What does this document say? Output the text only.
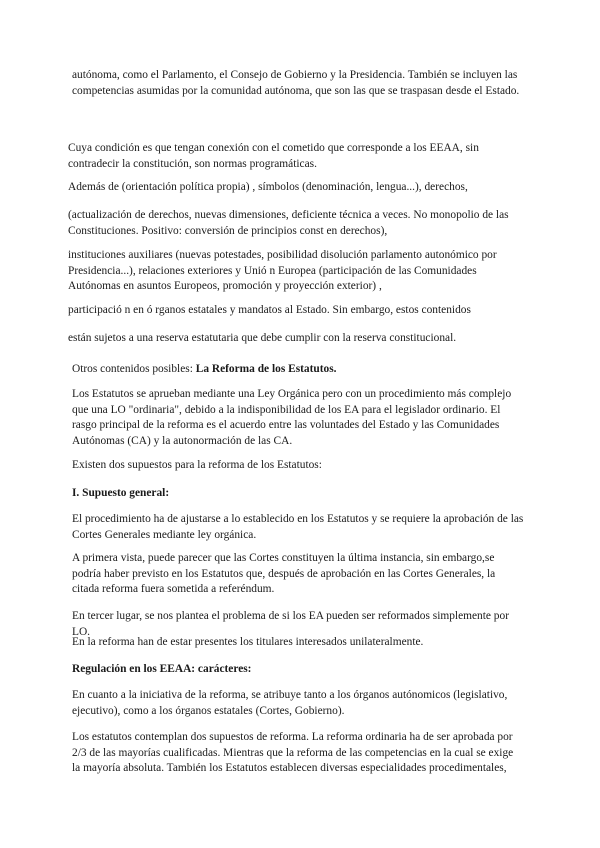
autónoma, como el Parlamento, el Consejo de Gobierno y la Presidencia. También se incluyen las competencias asumidas por la comunidad autónoma, que son las que se traspasan desde el Estado.

Cuya condición es que tengan conexión con el cometido que corresponde a los EEAA, sin contradecir la constitución, son normas programáticas.

Además de (orientación política propia) , símbolos (denominación, lengua...), derechos,

(actualización de derechos, nuevas dimensiones, deficiente técnica a veces. No monopolio de las Constituciones. Positivo: conversión de principios const en derechos),

instituciones auxiliares (nuevas potestades, posibilidad disolución parlamento autonómico por Presidencia...), relaciones exteriores y Unió n Europea (participación de las Comunidades Autónomas en asuntos Europeos, promoción y proyección exterior) ,

participació n en ó rganos estatales y mandatos al Estado. Sin embargo, estos contenidos

están sujetos a una reserva estatutaria que debe cumplir con la reserva constitucional.

Otros contenidos posibles: La Reforma de los Estatutos.

Los Estatutos se aprueban mediante una Ley Orgánica pero con un procedimiento más complejo que una LO "ordinaria", debido a la indisponibilidad de los EA para el legislador ordinario. El rasgo principal de la reforma es el acuerdo entre las voluntades del Estado y las Comunidades Autónomas (CA) y la autonormación de las CA.

Existen dos supuestos para la reforma de los Estatutos:

I. Supuesto general:

El procedimiento ha de ajustarse a lo establecido en los Estatutos y se requiere la aprobación de las Cortes Generales mediante ley orgánica.

A primera vista, puede parecer que las Cortes constituyen la última instancia, sin embargo,se podría haber previsto en los Estatutos que, después de aprobación en las Cortes Generales, la citada reforma fuera sometida a referéndum.

En tercer lugar, se nos plantea el problema de si los EA pueden ser reformados simplemente por LO.

En la reforma han de estar presentes los titulares interesados unilateralmente.

Regulación en los EEAA: carácteres:

En cuanto a la iniciativa de la reforma, se atribuye tanto a los órganos autónomicos (legislativo, ejecutivo), como a los órganos estatales (Cortes, Gobierno).

Los estatutos contemplan dos supuestos de reforma. La reforma ordinaria ha de ser aprobada por 2/3 de las mayorías cualificadas. Mientras que la reforma de las competencias en la cual se exige la mayoría absoluta. También los Estatutos establecen diversas especialidades procedimentales,
